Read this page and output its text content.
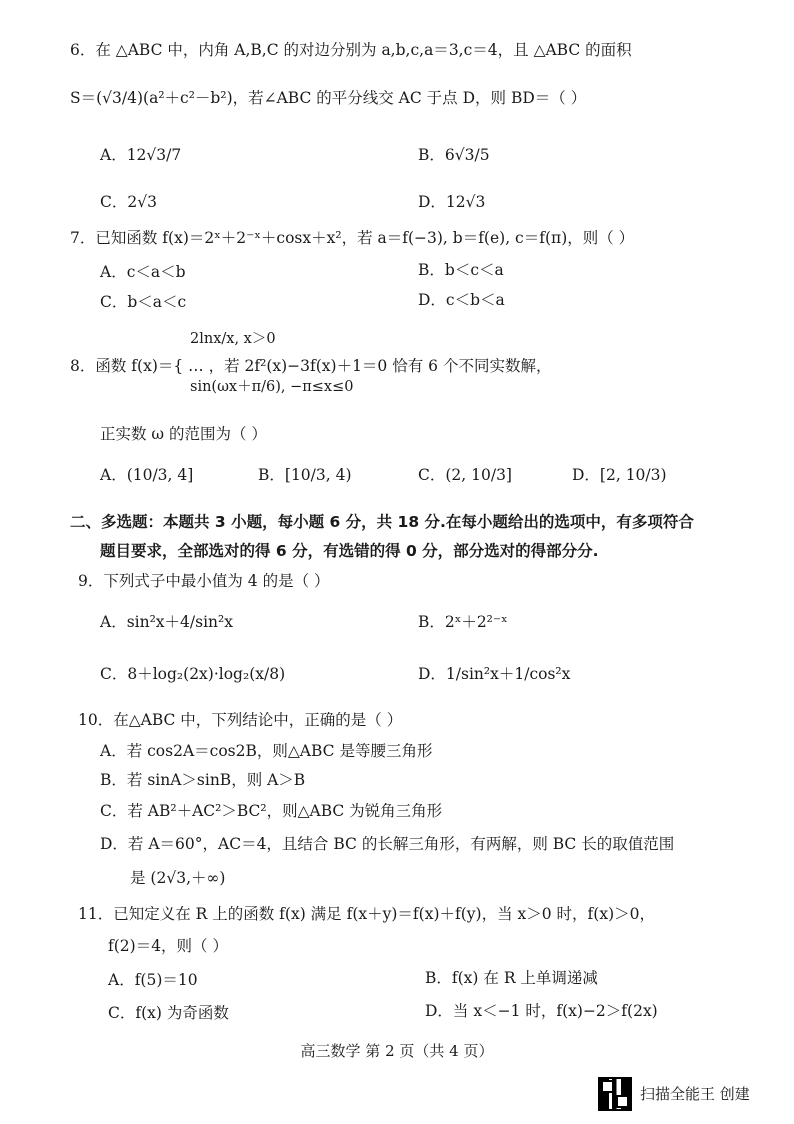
6．在 △ABC 中，内角 A,B,C 的对边分别为 a,b,c,a＝3,c＝4，且 △ABC 的面积
S＝(√3/4)(a²＋c²－b²)，若∠ABC 的平分线交 AC 于点 D，则 BD＝（ ）
A．12√3/7	B．6√3/5
C．2√3	D．12√3
7．已知函数 f(x)＝2ˣ＋2⁻ˣ＋cosx＋x²，若 a＝f(−3), b＝f(e), c＝f(π)，则（ ）
A．c＜a＜b	B．b＜c＜a
C．b＜a＜c	D．c＜b＜a
2lnx/x, x＞0
sin(ωx＋π/6), −π≤x≤0
8．函数 f(x)＝{ … ，若 2f²(x)−3f(x)＋1＝0 恰有 6 个不同实数解，
正实数 ω 的范围为（ ）
A．(10/3, 4]	B．[10/3, 4)	C．(2, 10/3]	D．[2, 10/3)
二、多选题：本题共 3 小题，每小题 6 分，共 18 分.在每小题给出的选项中，有多项符合
题目要求，全部选对的得 6 分，有选错的得 0 分，部分选对的得部分分.
9．下列式子中最小值为 4 的是（ ）
A．sin²x＋4/sin²x	B．2ˣ＋2²⁻ˣ
C．8＋log₂(2x)·log₂(x/8)	D．1/sin²x＋1/cos²x
10．在△ABC 中，下列结论中，正确的是（ ）
A．若 cos2A＝cos2B，则△ABC 是等腰三角形
B．若 sinA＞sinB，则 A＞B
C．若 AB²＋AC²＞BC²，则△ABC 为锐角三角形
D．若 A＝60°，AC＝4，且结合 BC 的长解三角形，有两解，则 BC 长的取值范围
是 (2√3,＋∞)
11．已知定义在 R 上的函数 f(x) 满足 f(x＋y)＝f(x)＋f(y)，当 x＞0 时，f(x)＞0，
f(2)＝4，则（ ）
A．f(5)＝10	B．f(x) 在 R 上单调递减
C．f(x) 为奇函数	D．当 x＜−1 时，f(x)−2＞f(2x)
高三数学 第 2 页（共 4 页）
扫描全能王 创建
